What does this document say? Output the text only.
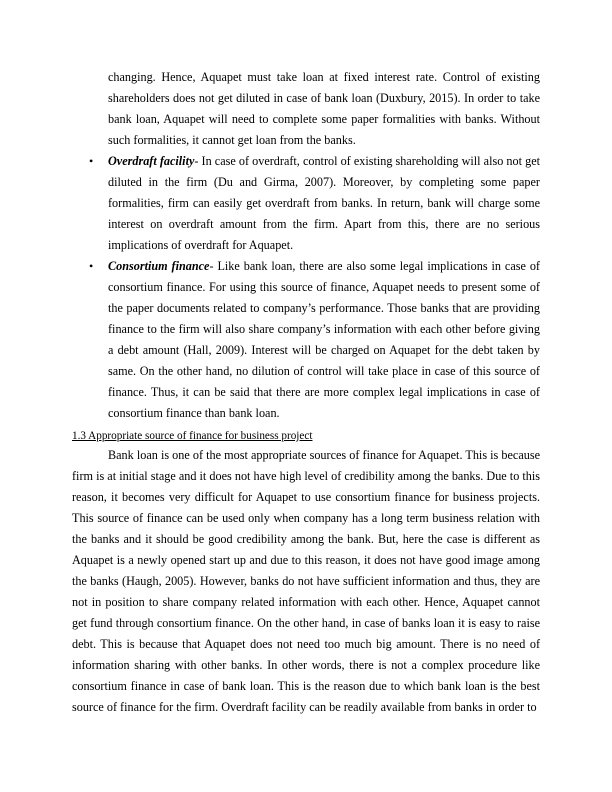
changing. Hence, Aquapet must take loan at fixed interest rate. Control of existing shareholders does not get diluted in case of bank loan (Duxbury, 2015). In order to take bank loan, Aquapet will need to complete some paper formalities with banks. Without such formalities, it cannot get loan from the banks.
• Overdraft facility- In case of overdraft, control of existing shareholding will also not get diluted in the firm (Du and Girma, 2007). Moreover, by completing some paper formalities, firm can easily get overdraft from banks. In return, bank will charge some interest on overdraft amount from the firm. Apart from this, there are no serious implications of overdraft for Aquapet.
• Consortium finance- Like bank loan, there are also some legal implications in case of consortium finance. For using this source of finance, Aquapet needs to present some of the paper documents related to company’s performance. Those banks that are providing finance to the firm will also share company’s information with each other before giving a debt amount (Hall, 2009). Interest will be charged on Aquapet for the debt taken by same. On the other hand, no dilution of control will take place in case of this source of finance. Thus, it can be said that there are more complex legal implications in case of consortium finance than bank loan.
1.3 Appropriate source of finance for business project
Bank loan is one of the most appropriate sources of finance for Aquapet. This is because firm is at initial stage and it does not have high level of credibility among the banks. Due to this reason, it becomes very difficult for Aquapet to use consortium finance for business projects. This source of finance can be used only when company has a long term business relation with the banks and it should be good credibility among the bank. But, here the case is different as Aquapet is a newly opened start up and due to this reason, it does not have good image among the banks (Haugh, 2005). However, banks do not have sufficient information and thus, they are not in position to share company related information with each other. Hence, Aquapet cannot get fund through consortium finance. On the other hand, in case of banks loan it is easy to raise debt. This is because that Aquapet does not need too much big amount. There is no need of information sharing with other banks. In other words, there is not a complex procedure like consortium finance in case of bank loan. This is the reason due to which bank loan is the best source of finance for the firm. Overdraft facility can be readily available from banks in order to
